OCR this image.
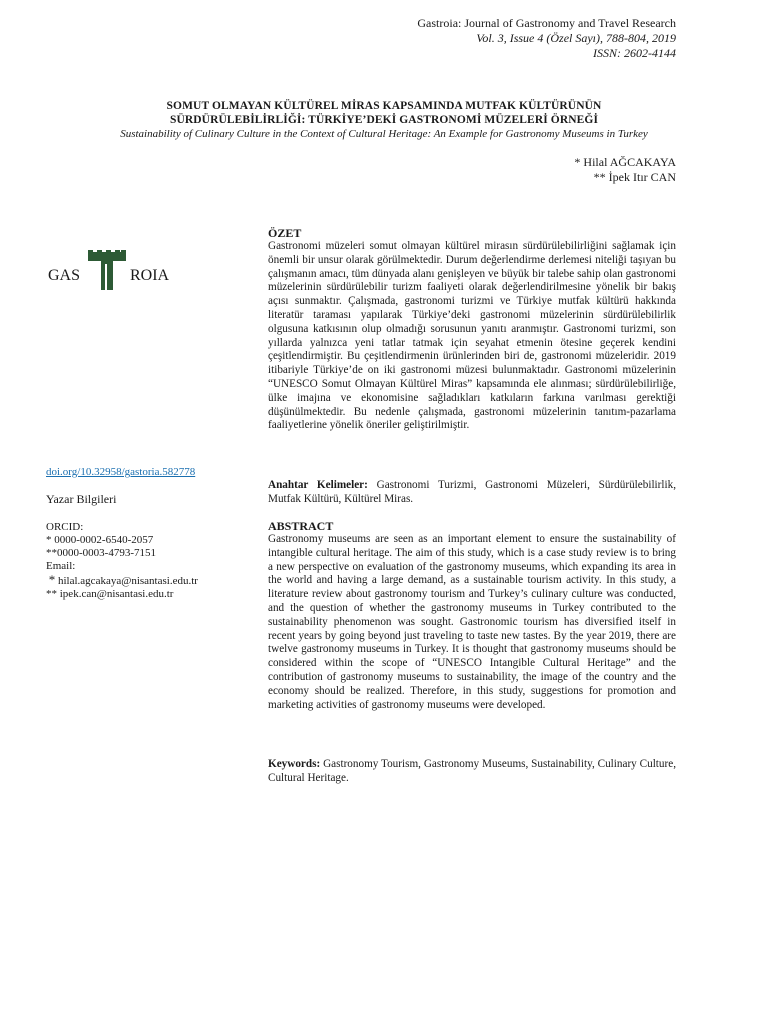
Gastroia: Journal of Gastronomy and Travel Research
Vol. 3, Issue 4 (Özel Sayı), 788-804, 2019
ISSN: 2602-4144
SOMUT OLMAYAN KÜLTÜREL MİRAS KAPSAMINDA MUTFAK KÜLTÜRÜNÜN SÜRDÜRÜLEBİLİRLİĞİ: TÜRKİYE’DEKİ GASTRONOMİ MÜZELERİ ÖRNEĞİ
Sustainability of Culinary Culture in the Context of Cultural Heritage: An Example for Gastronomy Museums in Turkey
* Hilal AĞCAKAYA
** İpek Itır CAN
GAS	ROIA
doi.org/10.32958/gastoria.582778
Yazar Bilgileri
ORCID:
* 0000-0002-6540-2057
**0000-0003-4793-7151
Email:
* hilal.agcakaya@nisantasi.edu.tr
** ipek.can@nisantasi.edu.tr
ÖZET

Gastronomi müzeleri somut olmayan kültürel mirasın sürdürülebilirliğini sağlamak için önemli bir unsur olarak görülmektedir. Durum değerlendirme derlemesi niteliği taşıyan bu çalışmanın amacı, tüm dünyada alanı genişleyen ve büyük bir talebe sahip olan gastronomi müzelerinin sürdürülebilir turizm faaliyeti olarak değerlendirilmesine yönelik bir bakış açısı sunmaktır. Çalışmada, gastronomi turizmi ve Türkiye mutfak kültürü hakkında literatür taraması yapılarak Türkiye’deki gastronomi müzelerinin sürdürülebilirlik olgusuna katkısının olup olmadığı sorusunun yanıtı aranmıştır. Gastronomi turizmi, son yıllarda yalnızca yeni tatlar tatmak için seyahat etmenin ötesine geçerek kendini çeşitlendirmiştir. Bu çeşitlendirmenin ürünlerinden biri de, gastronomi müzeleridir. 2019 itibariyle Türkiye’de on iki gastronomi müzesi bulunmaktadır. Gastronomi müzelerinin “UNESCO Somut Olmayan Kültürel Miras” kapsamında ele alınması; sürdürülebilirliğe, ülke imajına ve ekonomisine sağladıkları katkıların farkına varılması gerektiği düşünülmektedir. Bu nedenle çalışmada, gastronomi müzelerinin tanıtım-pazarlama faaliyetlerine yönelik öneriler geliştirilmiştir.

Anahtar Kelimeler: Gastronomi Turizmi, Gastronomi Müzeleri, Sürdürülebilirlik, Mutfak Kültürü, Kültürel Miras.

ABSTRACT

Gastronomy museums are seen as an important element to ensure the sustainability of intangible cultural heritage. The aim of this study, which is a case study review is to bring a new perspective on evaluation of the gastronomy museums, which expanding its area in the world and having a large demand, as a sustainable tourism activity. In this study, a literature review about gastronomy tourism and Turkey’s culinary culture was conducted, and the question of whether the gastronomy museums in Turkey contributed to the sustainability phenomenon was sought. Gastronomic tourism has diversified itself in recent years by going beyond just traveling to taste new tastes. By the year 2019, there are twelve gastronomy museums in Turkey. It is thought that gastronomy museums should be considered within the scope of “UNESCO Intangible Cultural Heritage” and the contribution of gastronomy museums to sustainability, the image of the country and the economy should be realized. Therefore, in this study, suggestions for promotion and marketing activities of gastronomy museums were developed.

Keywords: Gastronomy Tourism, Gastronomy Museums, Sustainability, Culinary Culture, Cultural Heritage.
